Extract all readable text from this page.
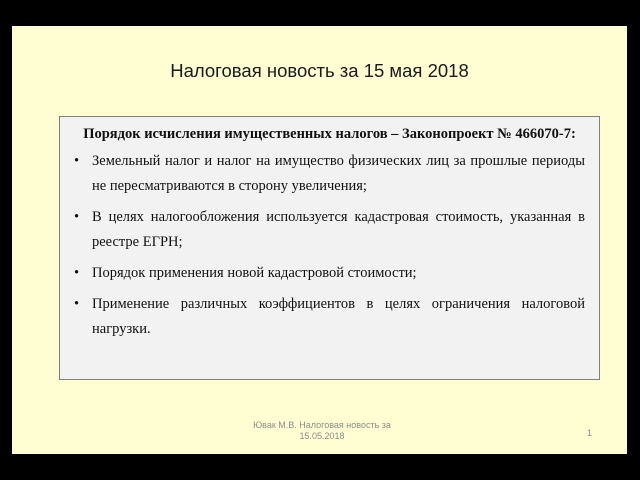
Налоговая новость за 15 мая 2018
Порядок исчисления имущественных налогов – Законопроект № 466070-7:
• Земельный налог и налог на имущество физических лиц за прошлые периоды не пересматриваются в сторону увеличения;
• В целях налогообложения используется кадастровая стоимость, указанная в реестре ЕГРН;
• Порядок применения новой кадастровой стоимости;
• Применение различных коэффициентов в целях ограничения налоговой нагрузки.
Ювак М.В. Налоговая новость за
15.05.2018	1
